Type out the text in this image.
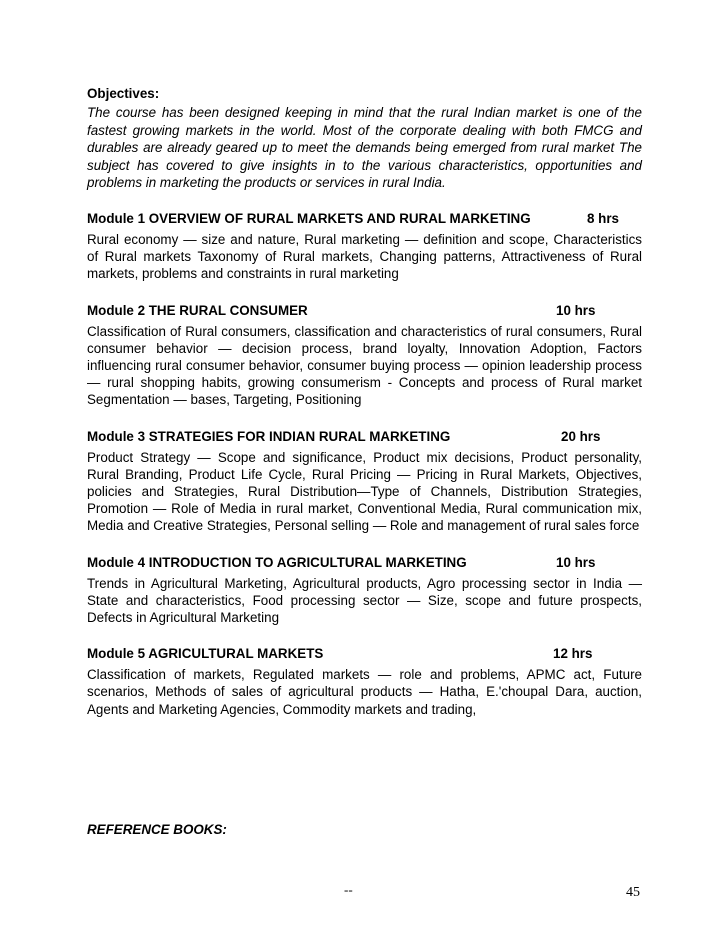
Objectives:
The course has been designed keeping in mind that the rural Indian market is one of the fastest growing markets in the world. Most of the corporate dealing with both FMCG and durables are already geared up to meet the demands being emerged from rural market The subject has covered to give insights in to the various characteristics, opportunities and problems in marketing the products or services in rural India.
Module 1 OVERVIEW OF RURAL MARKETS AND RURAL MARKETING	8 hrs
Rural economy — size and nature, Rural marketing — definition and scope, Characteristics of Rural markets Taxonomy of Rural markets, Changing patterns, Attractiveness of Rural markets, problems and constraints in rural marketing
Module 2 THE RURAL CONSUMER	10 hrs
Classification of Rural consumers, classification and characteristics of rural consumers, Rural consumer behavior — decision process, brand loyalty, Innovation Adoption, Factors influencing rural consumer behavior, consumer buying process — opinion leadership process — rural shopping habits, growing consumerism - Concepts and process of Rural market Segmentation — bases, Targeting, Positioning
Module 3 STRATEGIES FOR INDIAN RURAL MARKETING	20 hrs
Product Strategy — Scope and significance, Product mix decisions, Product personality, Rural Branding, Product Life Cycle, Rural Pricing — Pricing in Rural Markets, Objectives, policies and Strategies, Rural Distribution—Type of Channels, Distribution Strategies, Promotion — Role of Media in rural market, Conventional Media, Rural communication mix, Media and Creative Strategies, Personal selling — Role and management of rural sales force
Module 4 INTRODUCTION TO AGRICULTURAL MARKETING	10 hrs
Trends in Agricultural Marketing, Agricultural products, Agro processing sector in India — State and characteristics, Food processing sector — Size, scope and future prospects, Defects in Agricultural Marketing
Module 5 AGRICULTURAL MARKETS	12 hrs
Classification of markets, Regulated markets — role and problems, APMC act, Future scenarios, Methods of sales of agricultural products — Hatha, E.'choupal Dara, auction, Agents and Marketing Agencies, Commodity markets and trading,
REFERENCE BOOKS:
--	45
